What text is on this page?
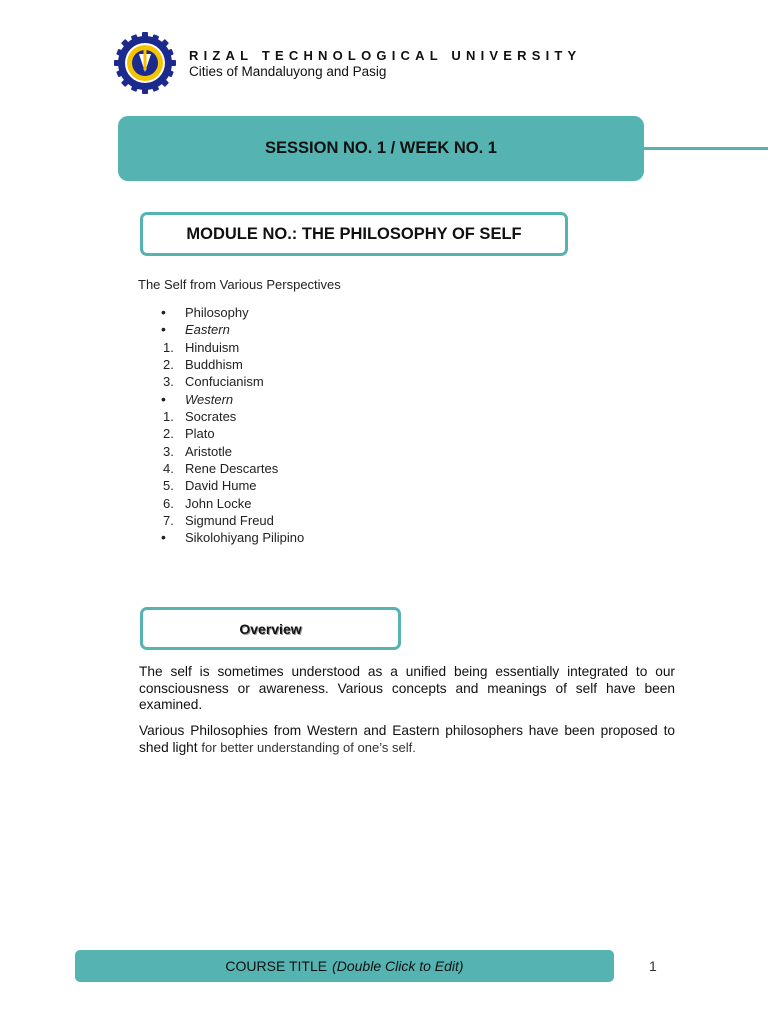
RIZAL TECHNOLOGICAL UNIVERSITY
Cities of Mandaluyong and Pasig
SESSION NO. 1 / WEEK NO. 1
MODULE NO.: THE PHILOSOPHY OF SELF
The Self from Various Perspectives
•	Philosophy
•	Eastern
1. Hinduism
2. Buddhism
3. Confucianism
•	Western
1. Socrates
2. Plato
3. Aristotle
4. Rene Descartes
5. David Hume
6. John Locke
7. Sigmund Freud
•	Sikolohiyang Pilipino
Overview

The self is sometimes understood as a unified being essentially integrated to our consciousness or awareness. Various concepts and meanings of self have been examined.

Various Philosophies from Western and Eastern philosophers have been proposed to shed light for better understanding of one’s self.

COURSE TITLE (Double Click to Edit)	1
